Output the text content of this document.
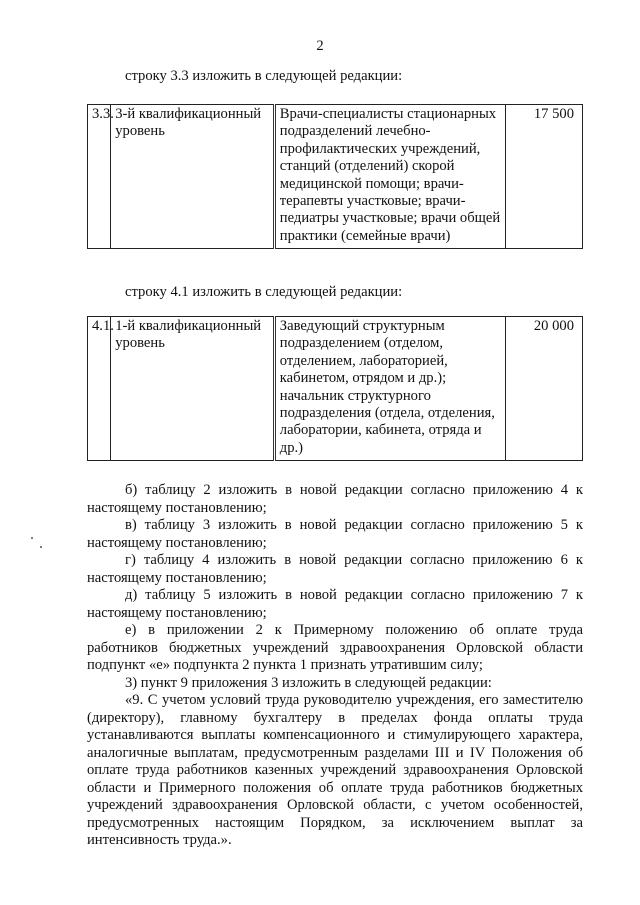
2
строку 3.3 изложить в следующей редакции:
3.3.	3-й квалификационный уровень	Врачи-специалисты стационарных подразделений лечебно-профилактических учреждений, станций (отделений) скорой медицинской помощи; врачи-терапевты участковые; врачи-педиатры участковые; врачи общей практики (семейные врачи)	17 500
строку 4.1 изложить в следующей редакции:
4.1.	1-й квалификационный уровень	Заведующий структурным подразделением (отделом, отделением, лабораторией, кабинетом, отрядом и др.); начальник структурного подразделения (отдела, отделения, лаборатории, кабинета, отряда и др.)	20 000

б) таблицу 2 изложить в новой редакции согласно приложению 4 к настоящему постановлению;

в) таблицу 3 изложить в новой редакции согласно приложению 5 к настоящему постановлению;

г) таблицу 4 изложить в новой редакции согласно приложению 6 к настоящему постановлению;

д) таблицу 5 изложить в новой редакции согласно приложению 7 к настоящему постановлению;

е) в приложении 2 к Примерному положению об оплате труда работников бюджетных учреждений здравоохранения Орловской области подпункт «е» подпункта 2 пункта 1 признать утратившим силу;

3) пункт 9 приложения 3 изложить в следующей редакции:

«9. С учетом условий труда руководителю учреждения, его заместителю (директору), главному бухгалтеру в пределах фонда оплаты труда устанавливаются выплаты компенсационного и стимулирующего характера, аналогичные выплатам, предусмотренным разделами III и IV Положения об оплате труда работников казенных учреждений здравоохранения Орловской области и Примерного положения об оплате труда работников бюджетных учреждений здравоохранения Орловской области, с учетом особенностей, предусмотренных настоящим Порядком, за исключением выплат за интенсивность труда.».
